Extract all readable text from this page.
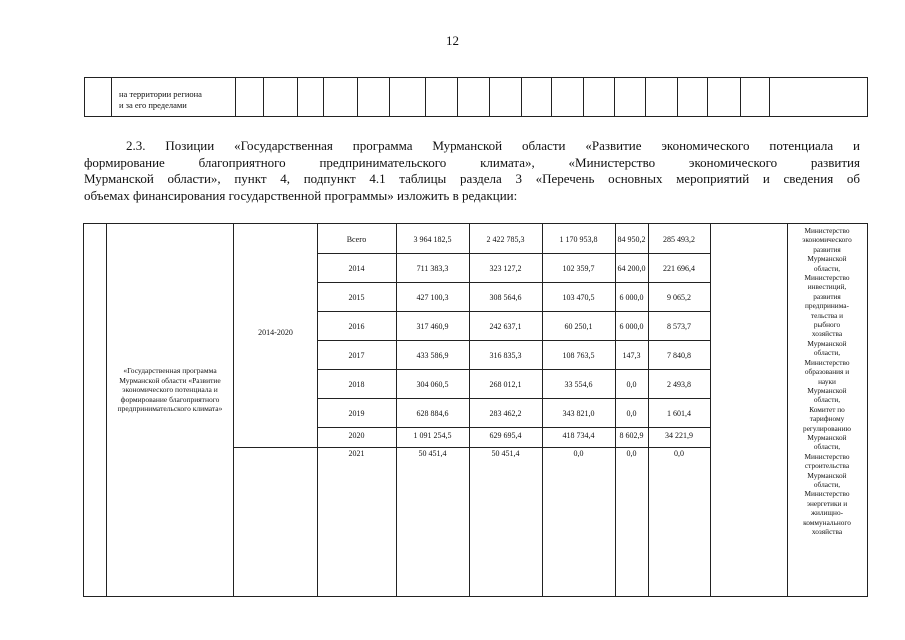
12
на территории региона
и за его пределами
2.3. Позиции «Государственная программа Мурманской области «Развитие экономического потенциала и
формирование благоприятного предпринимательского климата», «Министерство экономического развития
Мурманской области», пункт 4, подпункт 4.1 таблицы раздела 3 «Перечень основных мероприятий и сведения об
объемах финансирования государственной программы» изложить в редакции:
«Государственная программа Мурманской области «Развитие экономического потенциала и формирование благоприятного предпринимательского климата»
2014-2020
Всего	3 964 182,5	2 422 785,3	1 170 953,8	84 950,2	285 493,2
2014	711 383,3	323 127,2	102 359,7	64 200,0	221 696,4
2015	427 100,3	308 564,6	103 470,5	6 000,0	9 065,2
2016	317 460,9	242 637,1	60 250,1	6 000,0	8 573,7
2017	433 586,9	316 835,3	108 763,5	147,3	7 840,8
2018	304 060,5	268 012,1	33 554,6	0,0	2 493,8
2019	628 884,6	283 462,2	343 821,0	0,0	1 601,4
2020	1 091 254,5	629 695,4	418 734,4	8 602,9	34 221,9
2021	50 451,4	50 451,4	0,0	0,0	0,0
Министерство
экономического
развития
Мурманской
области,
Министерство
инвестиций,
развития
предпринима-
тельства и
рыбного
хозяйства
Мурманской
области,
Министерство
образования и
науки
Мурманской
области,
Комитет по
тарифному
регулированию
Мурманской
области,
Министерство
строительства
Мурманской
области,
Министерство
энергетики и
жилищно-
коммунального
хозяйства
